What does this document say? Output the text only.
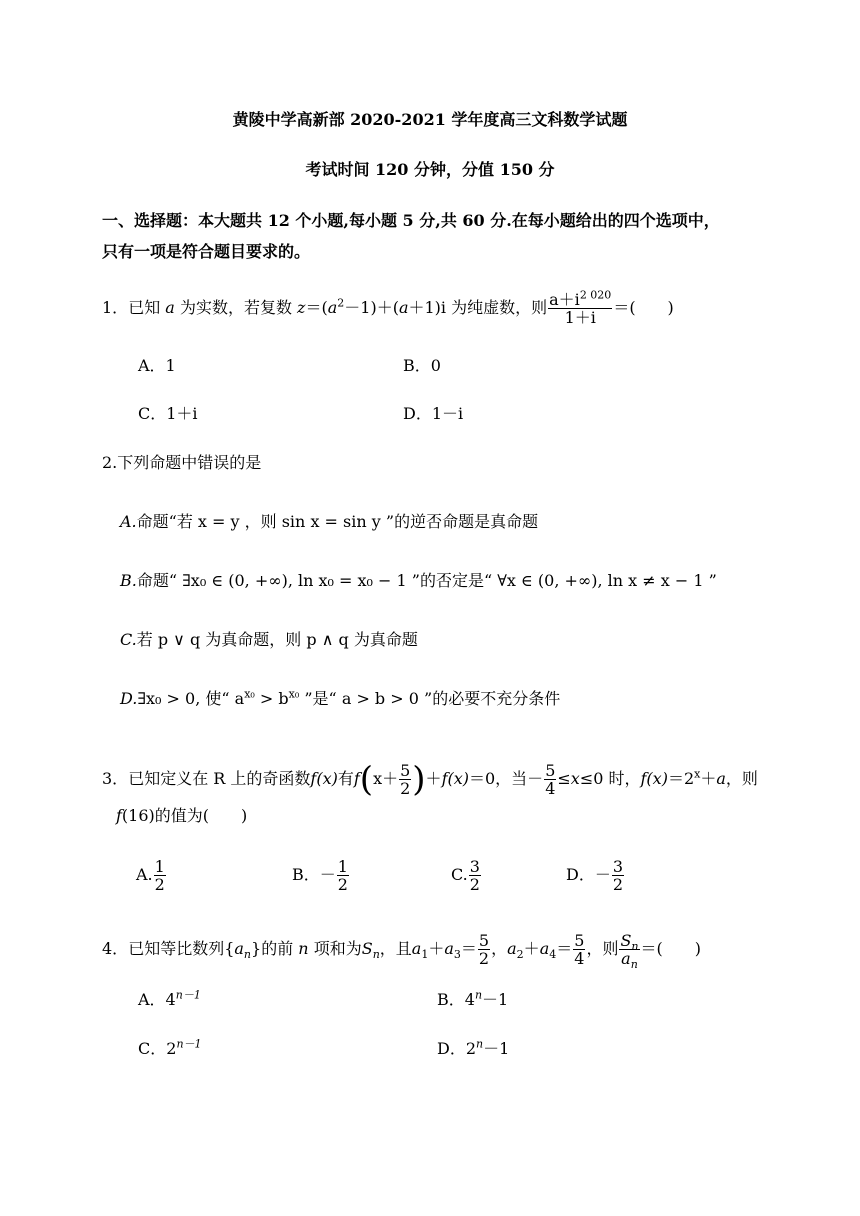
黄陵中学高新部 2020-2021 学年度高三文科数学试题
考试时间 120 分钟，分值 150 分
一、选择题：本大题共 12 个小题,每小题 5 分,共 60 分.在每小题给出的四个选项中，
只有一项是符合题目要求的。
1．已知 a 为实数，若复数 $z=(a^2-1)+(a+1)i$ 为纯虚数，则 $\frac{a+i^{2 020}}{1+i}$ ＝(　　)
A．1	B．0
C．1＋i	D．1－i
2.下列命题中错误的是
A.命题“若 x = y ，则 sin x = sin y ”的逆否命题是真命题
B.命题“ ∃x₀ ∈ (0, +∞), ln x₀ = x₀ − 1 ”的否定是“ ∀x ∈ (0, +∞), ln x ≠ x − 1 ”
C.若 p ∨ q 为真命题，则 p ∧ q 为真命题
D.∃x₀ > 0, 使“ $a^{x_0} > b^{x_0}$ ”是“ a > b > 0 ”的必要不充分条件
3．已知定义在 R 上的奇函数f(x)有$f(x+ \frac{5}{2} )+f(x)=0$，当－ $\frac{5}{4} \le x\le 0$ 时，$f(x)=2^x+a$，则
f(16)的值为(　　)
A. $\frac{1}{2}$	B．－ $\frac{1}{2}$	C. $\frac{3}{2}$	D．－ $\frac{3}{2}$
4．已知等比数列$\{a_n\}$的前 n 项和为$S_n$，且$a_1+a_3= \frac{5}{2}$ ，$a_2+a_4= \frac{5}{4}$ ，则 $\frac{S_n}{a_n}$ ＝(　　)
A．$4^{n-1}$	B．$4^n-1$
C．$2^{n-1}$	D．$2^n-1$
